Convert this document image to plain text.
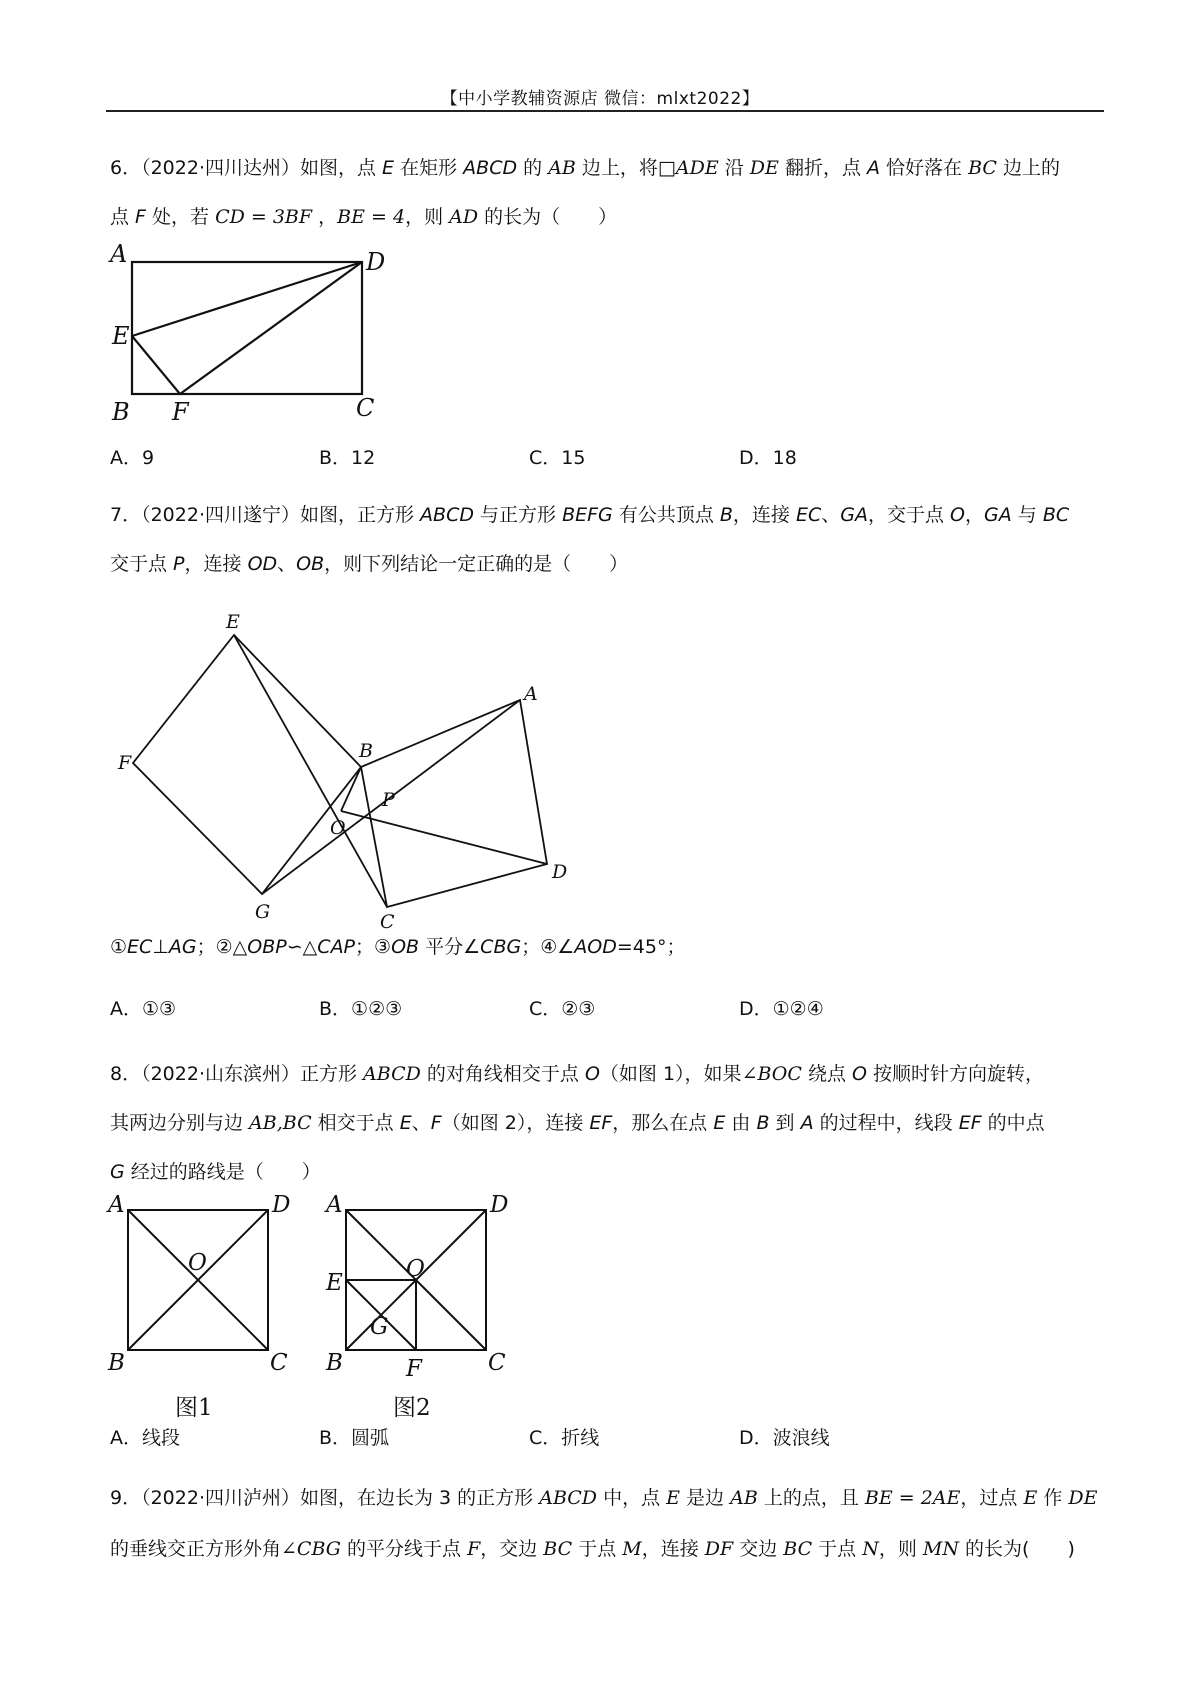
【中小学教辅资源店 微信：mlxt2022】

6．（2022·四川达州）如图，点 E 在矩形 ABCD 的 AB 边上，将□ADE 沿 DE 翻折，点 A 恰好落在 BC 边上的

点 F 处，若 CD = 3BF ，BE = 4，则 AD 的长为（　　）

A	D
E
B F	C
A．9	B．12	C．15	D．18

7．（2022·四川遂宁）如图，正方形 ABCD 与正方形 BEFG 有公共顶点 B，连接 EC、GA，交于点 O，GA 与 BC

交于点 P，连接 OD、OB，则下列结论一定正确的是（　　）

E
A
B
F
P
O
G
D
C

①EC⊥AG；②△OBP∽△CAP；③OB 平分∠CBG；④∠AOD=45°；

A．①③	B．①②③	C．②③	D．①②④

8．（2022·山东滨州）正方形 ABCD 的对角线相交于点 O（如图 1），如果∠BOC 绕点 O 按顺时针方向旋转，

其两边分别与边 AB,BC 相交于点 E、F（如图 2），连接 EF，那么在点 E 由 B 到 A 的过程中，线段 EF 的中点

G 经过的路线是（　　）

A	D
O
B	C
图1
A	D
E
O
G
B	F	C
图2
A．线段	B．圆弧	C．折线	D．波浪线

9．（2022·四川泸州）如图，在边长为 3 的正方形 ABCD 中，点 E 是边 AB 上的点，且 BE = 2AE，过点 E 作 DE

的垂线交正方形外角∠CBG 的平分线于点 F，交边 BC 于点 M，连接 DF 交边 BC 于点 N，则 MN 的长为(　　)
